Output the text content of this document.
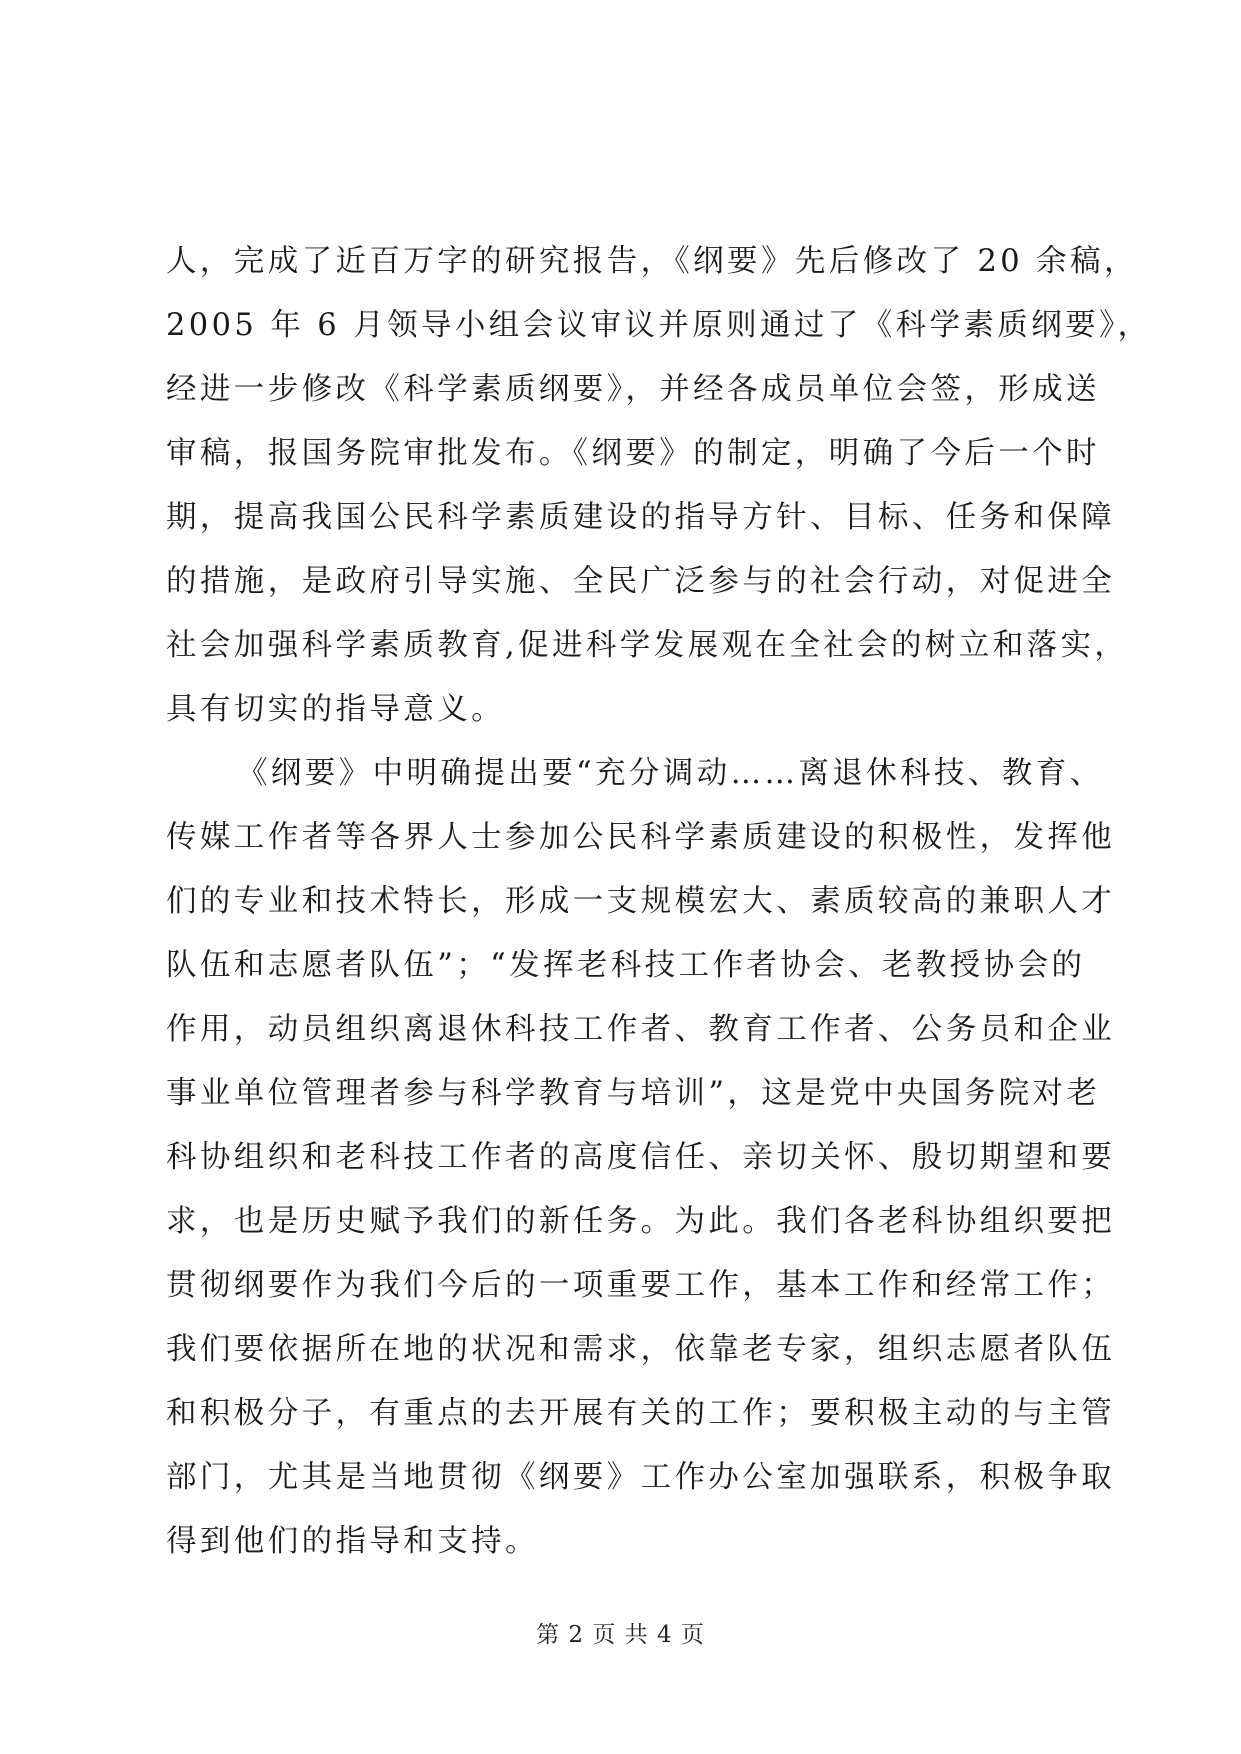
人，完成了近百万字的研究报告，《纲要》先后修改了 20 余稿，
2005 年 6 月领导小组会议审议并原则通过了《科学素质纲要》，
经进一步修改《科学素质纲要》，并经各成员单位会签，形成送
审稿，报国务院审批发布。《纲要》的制定，明确了今后一个时
期，提高我国公民科学素质建设的指导方针、目标、任务和保障
的措施，是政府引导实施、全民广泛参与的社会行动，对促进全
社会加强科学素质教育,促进科学发展观在全社会的树立和落实，
具有切实的指导意义。
《纲要》中明确提出要“充分调动……离退休科技、教育、
传媒工作者等各界人士参加公民科学素质建设的积极性，发挥他
们的专业和技术特长，形成一支规模宏大、素质较高的兼职人才
队伍和志愿者队伍”；“发挥老科技工作者协会、老教授协会的
作用，动员组织离退休科技工作者、教育工作者、公务员和企业
事业单位管理者参与科学教育与培训”，这是党中央国务院对老
科协组织和老科技工作者的高度信任、亲切关怀、殷切期望和要
求，也是历史赋予我们的新任务。为此。我们各老科协组织要把
贯彻纲要作为我们今后的一项重要工作，基本工作和经常工作；
我们要依据所在地的状况和需求，依靠老专家，组织志愿者队伍
和积极分子，有重点的去开展有关的工作；要积极主动的与主管
部门，尤其是当地贯彻《纲要》工作办公室加强联系，积极争取
得到他们的指导和支持。
第 2 页 共 4 页
